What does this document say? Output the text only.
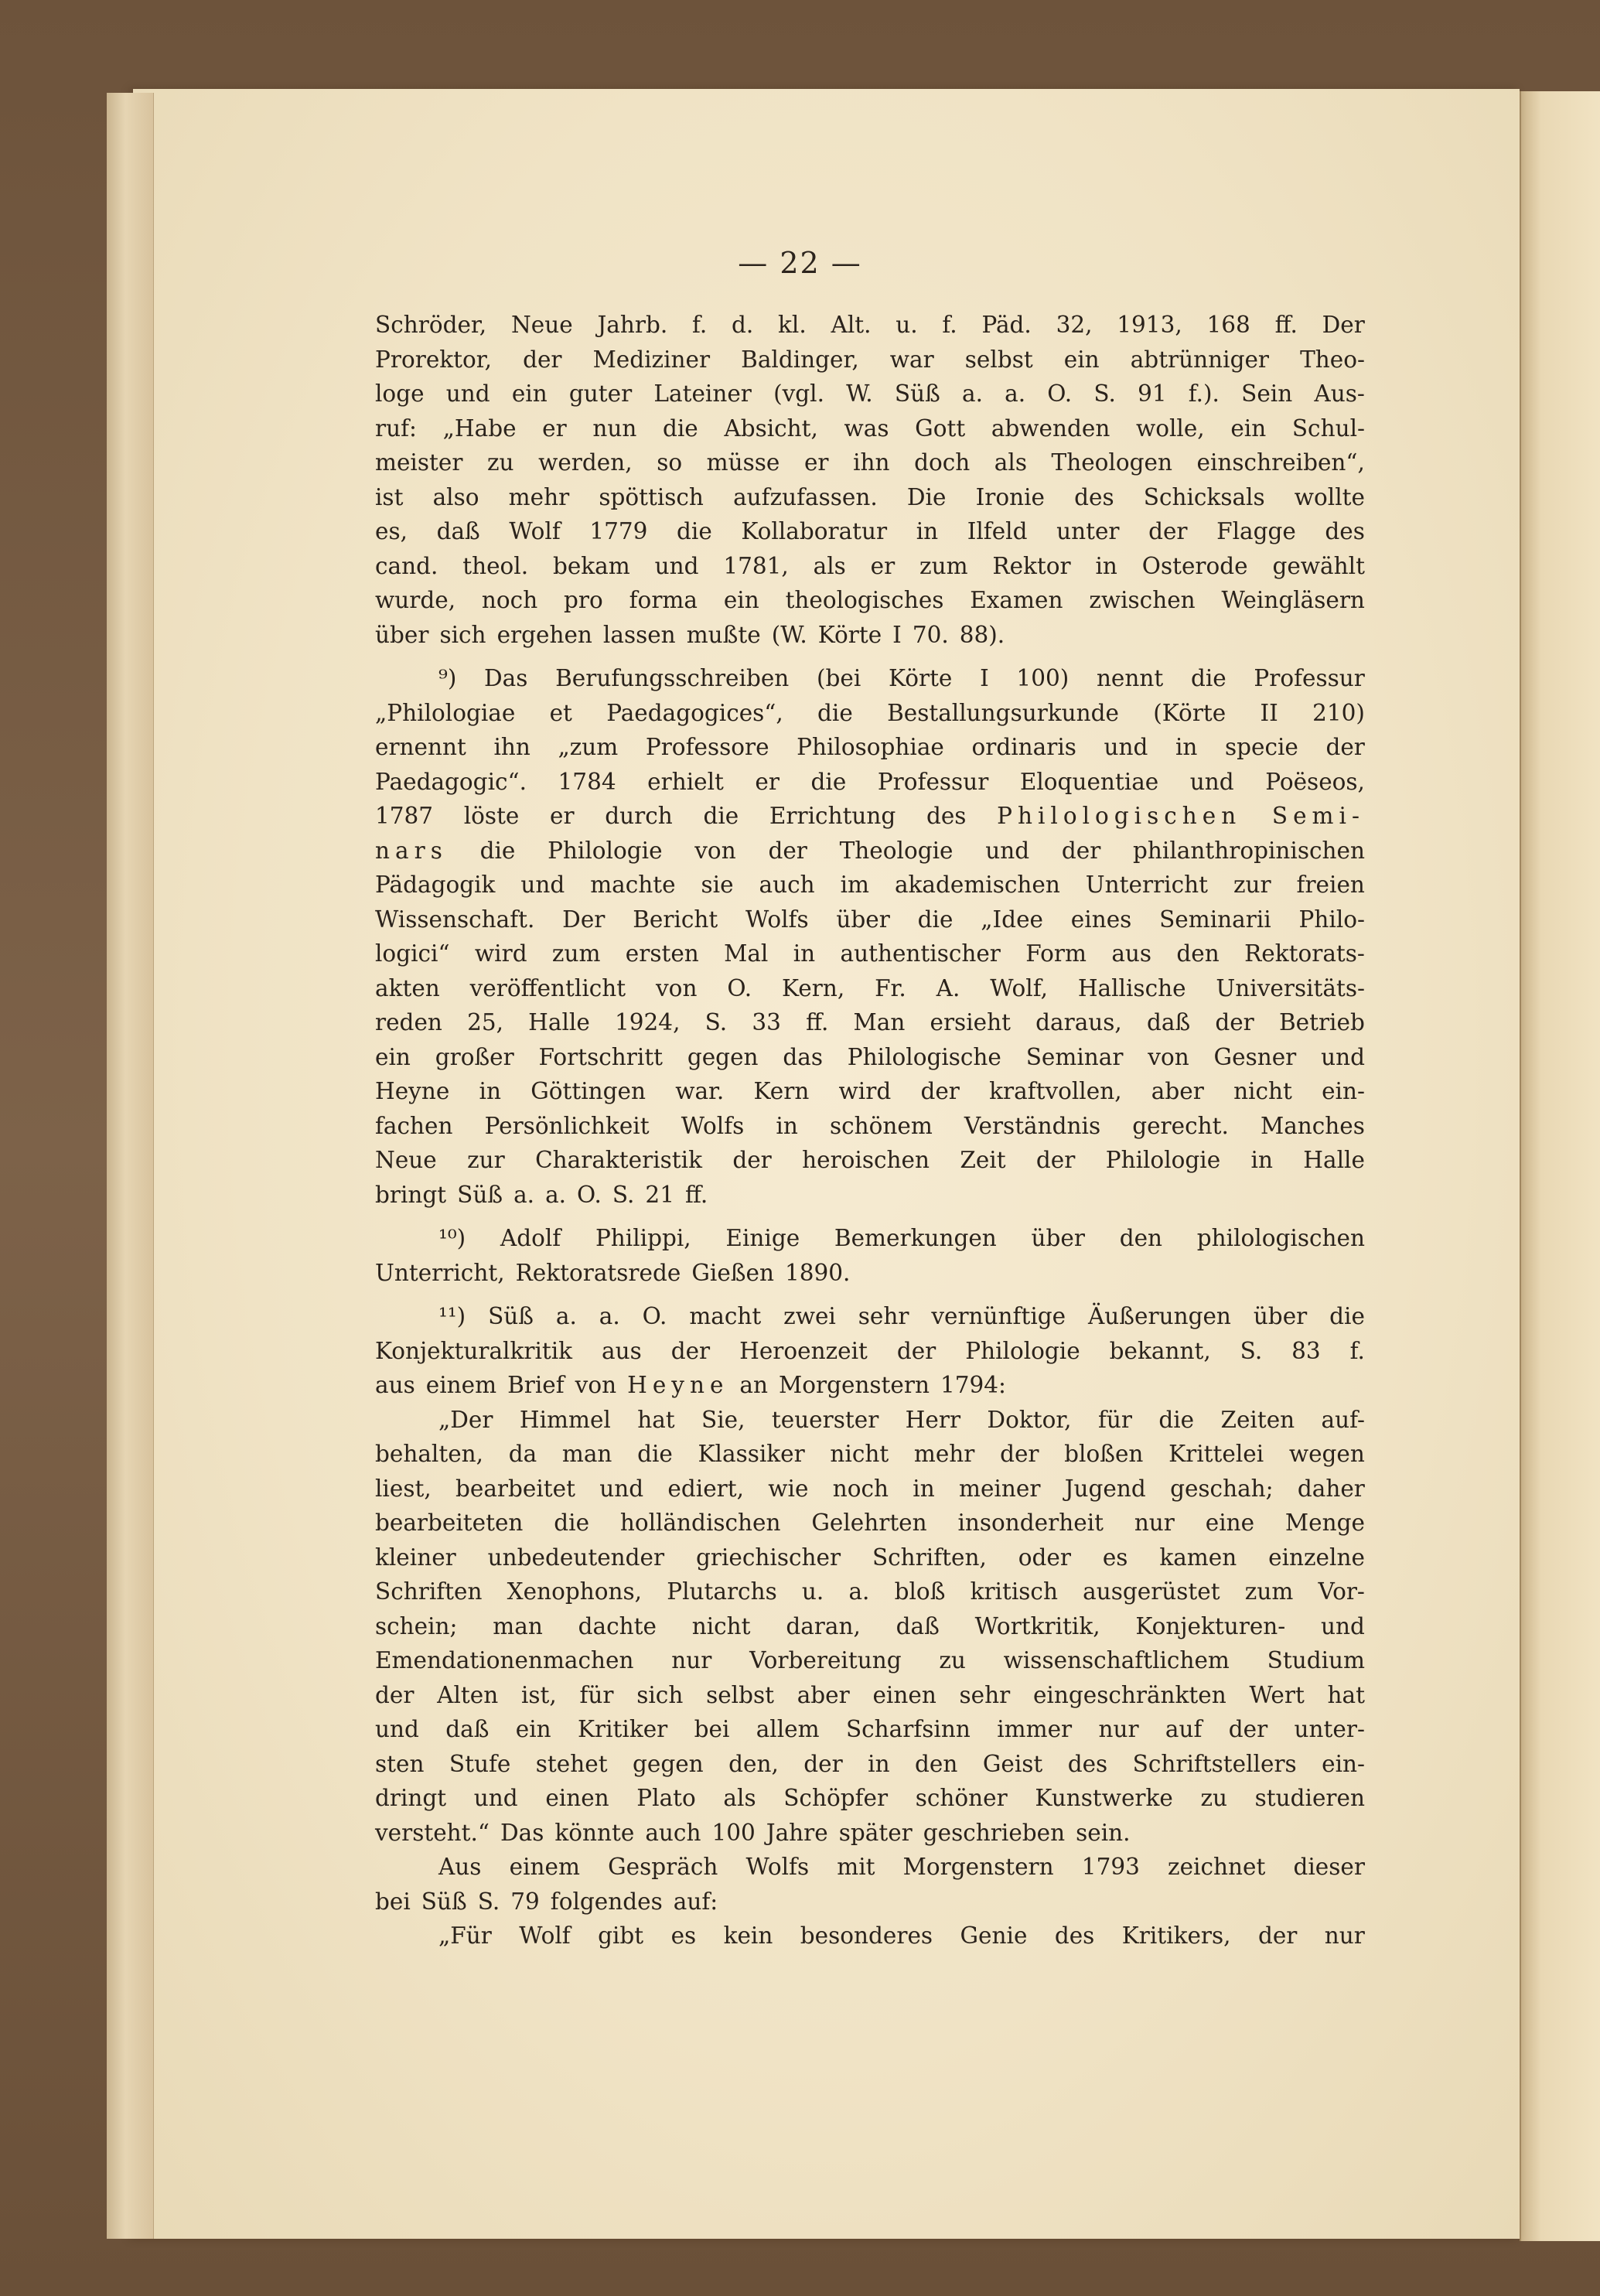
— 22 —
Schröder, Neue Jahrb. f. d. kl. Alt. u. f. Päd. 32, 1913, 168 ff. Der
Prorektor, der Mediziner Baldinger, war selbst ein abtrünniger Theo-
loge und ein guter Lateiner (vgl. W. Süß a. a. O. S. 91 f.). Sein Aus-
ruf: „Habe er nun die Absicht, was Gott abwenden wolle, ein Schul-
meister zu werden, so müsse er ihn doch als Theologen einschreiben“,
ist also mehr spöttisch aufzufassen. Die Ironie des Schicksals wollte
es, daß Wolf 1779 die Kollaboratur in Ilfeld unter der Flagge des
cand. theol. bekam und 1781, als er zum Rektor in Osterode gewählt
wurde, noch pro forma ein theologisches Examen zwischen Weingläsern
über sich ergehen lassen mußte (W. Körte I 70. 88).
⁹) Das Berufungsschreiben (bei Körte I 100) nennt die Professur
„Philologiae et Paedagogices“, die Bestallungsurkunde (Körte II 210)
ernennt ihn „zum Professore Philosophiae ordinaris und in specie der
Paedagogic“. 1784 erhielt er die Professur Eloquentiae und Poëseos,
1787 löste er durch die Errichtung des Philologischen Semi-
nars die Philologie von der Theologie und der philanthropinischen
Pädagogik und machte sie auch im akademischen Unterricht zur freien
Wissenschaft. Der Bericht Wolfs über die „Idee eines Seminarii Philo-
logici“ wird zum ersten Mal in authentischer Form aus den Rektorats-
akten veröffentlicht von O. Kern, Fr. A. Wolf, Hallische Universitäts-
reden 25, Halle 1924, S. 33 ff. Man ersieht daraus, daß der Betrieb
ein großer Fortschritt gegen das Philologische Seminar von Gesner und
Heyne in Göttingen war. Kern wird der kraftvollen, aber nicht ein-
fachen Persönlichkeit Wolfs in schönem Verständnis gerecht. Manches
Neue zur Charakteristik der heroischen Zeit der Philologie in Halle
bringt Süß a. a. O. S. 21 ff.
¹⁰) Adolf Philippi, Einige Bemerkungen über den philologischen
Unterricht, Rektoratsrede Gießen 1890.
¹¹) Süß a. a. O. macht zwei sehr vernünftige Äußerungen über die
Konjekturalkritik aus der Heroenzeit der Philologie bekannt, S. 83 f.
aus einem Brief von Heyne an Morgenstern 1794:
„Der Himmel hat Sie, teuerster Herr Doktor, für die Zeiten auf-
behalten, da man die Klassiker nicht mehr der bloßen Krittelei wegen
liest, bearbeitet und ediert, wie noch in meiner Jugend geschah; daher
bearbeiteten die holländischen Gelehrten insonderheit nur eine Menge
kleiner unbedeutender griechischer Schriften, oder es kamen einzelne
Schriften Xenophons, Plutarchs u. a. bloß kritisch ausgerüstet zum Vor-
schein; man dachte nicht daran, daß Wortkritik, Konjekturen- und
Emendationenmachen nur Vorbereitung zu wissenschaftlichem Studium
der Alten ist, für sich selbst aber einen sehr eingeschränkten Wert hat
und daß ein Kritiker bei allem Scharfsinn immer nur auf der unter-
sten Stufe stehet gegen den, der in den Geist des Schriftstellers ein-
dringt und einen Plato als Schöpfer schöner Kunstwerke zu studieren
versteht.“ Das könnte auch 100 Jahre später geschrieben sein.
Aus einem Gespräch Wolfs mit Morgenstern 1793 zeichnet dieser
bei Süß S. 79 folgendes auf:
„Für Wolf gibt es kein besonderes Genie des Kritikers, der nur
